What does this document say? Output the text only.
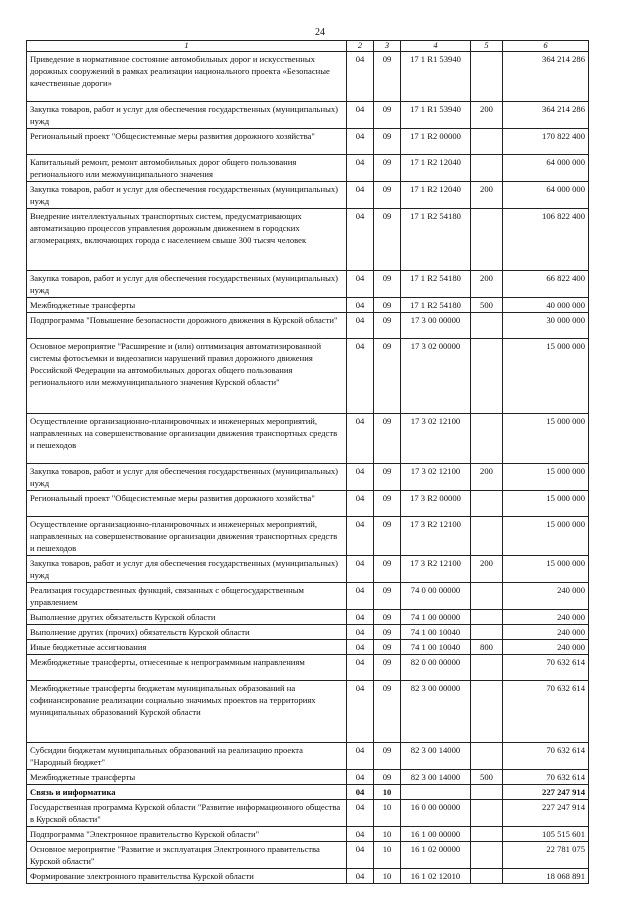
24
1	2	3	4	5	6
Приведение в нормативное состояние автомобильных дорог и искусственных дорожных сооружений в рамках реализации национального проекта «Безопасные качественные дороги»	04	09	17 1 R1 53940		364 214 286
Закупка товаров, работ и услуг для обеспечения государственных (муниципальных) нужд	04	09	17 1 R1 53940	200	364 214 286
Региональный проект "Общесистемные меры развития дорожного хозяйства"	04	09	17 1 R2 00000		170 822 400
Капитальный ремонт, ремонт автомобильных дорог общего пользования регионального или межмуниципального значения	04	09	17 1 R2 12040		64 000 000
Закупка товаров, работ и услуг для обеспечения государственных (муниципальных) нужд	04	09	17 1 R2 12040	200	64 000 000
Внедрение интеллектуальных транспортных систем, предусматривающих автоматизацию процессов управления дорожным движением в городских агломерациях, включающих города с населением свыше 300 тысяч человек	04	09	17 1 R2 54180		106 822 400
Закупка товаров, работ и услуг для обеспечения государственных (муниципальных) нужд	04	09	17 1 R2 54180	200	66 822 400
Межбюджетные трансферты	04	09	17 1 R2 54180	500	40 000 000
Подпрограмма "Повышение безопасности дорожного движения в Курской области"	04	09	17 3 00 00000		30 000 000
Основное мероприятие "Расширение и (или) оптимизация автоматизированной системы фотосъемки и видеозаписи нарушений правил дорожного движения Российской Федерации на автомобильных дорогах общего пользования регионального или межмуниципального значения Курской области"	04	09	17 3 02 00000		15 000 000
Осуществление организационно-планировочных и инженерных мероприятий, направленных на совершенствование организации движения транспортных средств и пешеходов	04	09	17 3 02 12100		15 000 000
Закупка товаров, работ и услуг для обеспечения государственных (муниципальных) нужд	04	09	17 3 02 12100	200	15 000 000
Региональный проект "Общесистемные меры развития дорожного хозяйства"	04	09	17 3 R2 00000		15 000 000
Осуществление организационно-планировочных и инженерных мероприятий, направленных на совершенствование организации движения транспортных средств и пешеходов	04	09	17 3 R2 12100		15 000 000
Закупка товаров, работ и услуг для обеспечения государственных (муниципальных) нужд	04	09	17 3 R2 12100	200	15 000 000
Реализация государственных функций, связанных с общегосударственным управлением	04	09	74 0 00 00000		240 000
Выполнение других обязательств Курской области	04	09	74 1 00 00000		240 000
Выполнение других (прочих) обязательств Курской области	04	09	74 1 00 10040		240 000
Иные бюджетные ассигнования	04	09	74 1 00 10040	800	240 000
Межбюджетные трансферты, отнесенные к непрограммным направлениям	04	09	82 0 00 00000		70 632 614
Межбюджетные трансферты бюджетам муниципальных образований на софинансирование реализации социально значимых проектов на территориях муниципальных образований Курской области	04	09	82 3 00 00000		70 632 614
Субсидии бюджетам муниципальных образований на реализацию проекта "Народный бюджет"	04	09	82 3 00 14000		70 632 614
Межбюджетные трансферты	04	09	82 3 00 14000	500	70 632 614
Связь и информатика	04	10			227 247 914
Государственная программа Курской области "Развитие информационного общества в Курской области"	04	10	16 0 00 00000		227 247 914
Подпрограмма "Электронное правительство Курской области"	04	10	16 1 00 00000		105 515 601
Основное мероприятие "Развитие и эксплуатация Электронного правительства Курской области"	04	10	16 1 02 00000		22 781 075
Формирование электронного правительства Курской области	04	10	16 1 02 12010		18 068 891
